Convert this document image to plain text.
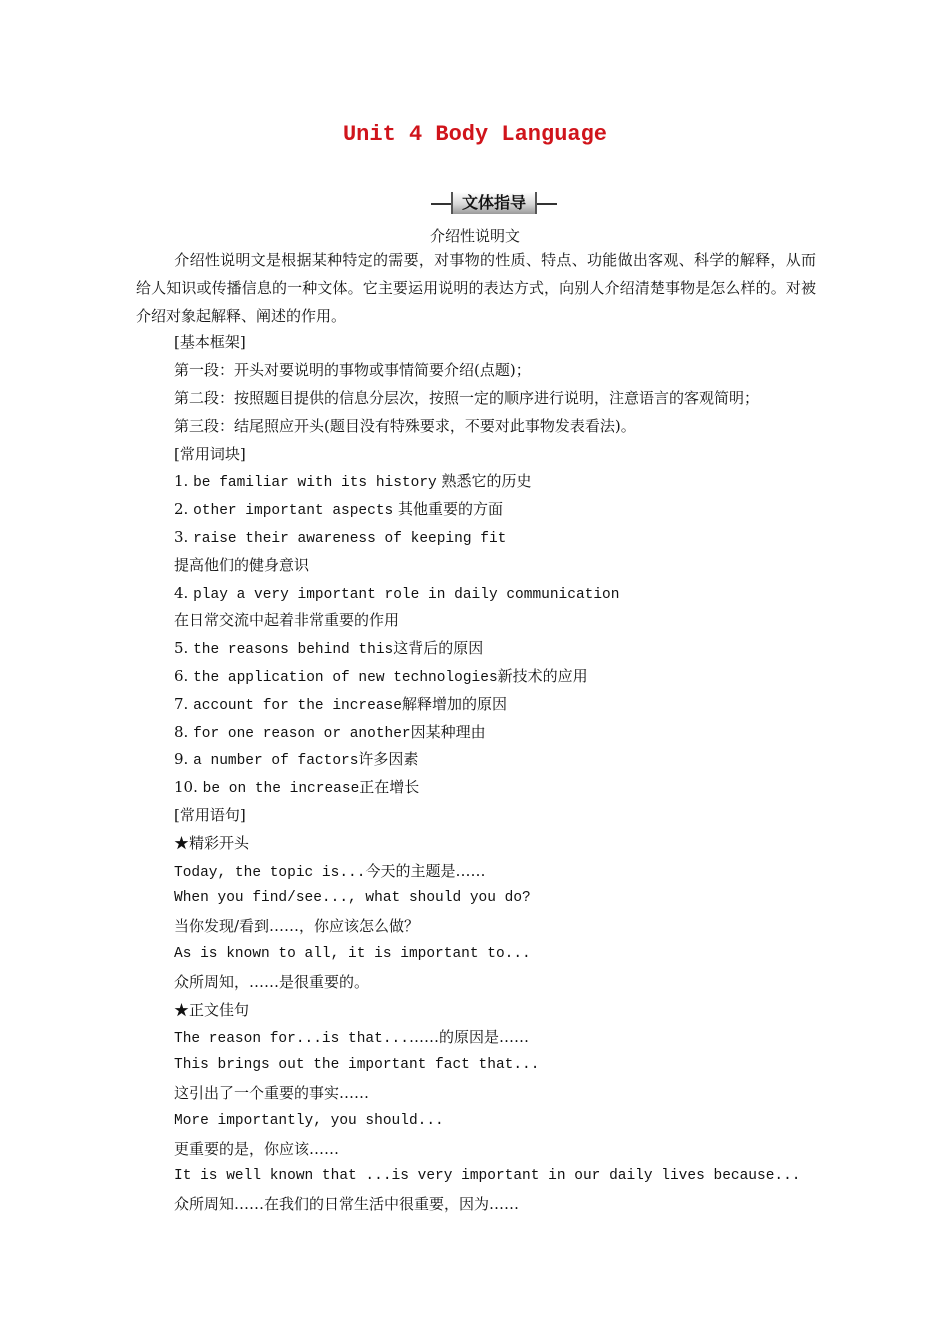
Unit 4 Body Language
文体指导
介绍性说明文

介绍性说明文是根据某种特定的需要，对事物的性质、特点、功能做出客观、科学的解释，从而给人知识或传播信息的一种文体。它主要运用说明的表达方式，向别人介绍清楚事物是怎么样的。对被介绍对象起解释、阐述的作用。

[基本框架]
第一段：开头对要说明的事物或事情简要介绍(点题)；
第二段：按照题目提供的信息分层次，按照一定的顺序进行说明，注意语言的客观简明；
第三段：结尾照应开头(题目没有特殊要求，不要对此事物发表看法)。
[常用词块]
1. be familiar with its history 熟悉它的历史
2. other important aspects 其他重要的方面
3. raise their awareness of keeping fit
提高他们的健身意识
4. play a very important role in daily communication
在日常交流中起着非常重要的作用
5. the reasons behind this这背后的原因
6. the application of new technologies新技术的应用
7. account for the increase解释增加的原因
8. for one reason or another因某种理由
9. a number of factors许多因素
10. be on the increase正在增长
[常用语句]
★精彩开头
Today, the topic is...今天的主题是……
When you find/see..., what should you do?
当你发现/看到……，你应该怎么做？
As is known to all, it is important to...
众所周知，……是很重要的。
★正文佳句
The reason for...is that...……的原因是……
This brings out the important fact that...
这引出了一个重要的事实……
More importantly, you should...
更重要的是，你应该……
It is well known that ...is very important in our daily lives because...
众所周知……在我们的日常生活中很重要，因为……
